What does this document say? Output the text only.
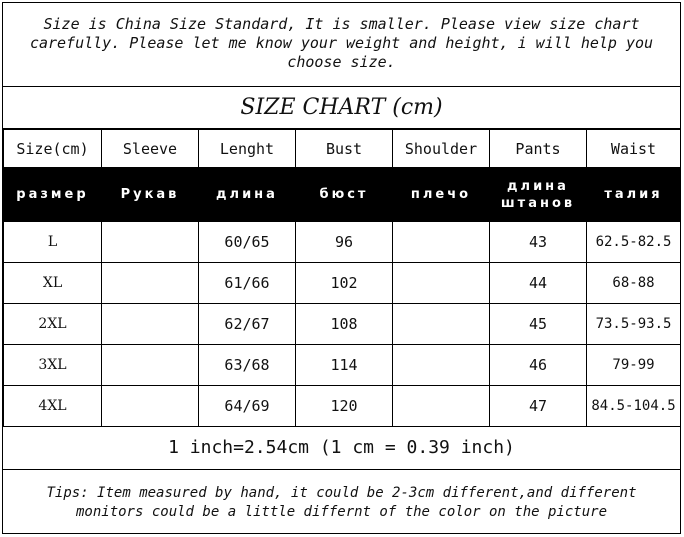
Size is China Size Standard, It is smaller. Please view size chart carefully. Please let me know your weight and height, i will help you choose size.
SIZE CHART (cm)
Size(cm)	Sleeve	Lenght	Bust	Shoulder	Pants	Waist
размер	Рукав	длина	бюст	плечо	длина штанов	талия
L		60/65	96		43	62.5-82.5
XL		61/66	102		44	68-88
2XL		62/67	108		45	73.5-93.5
3XL		63/68	114		46	79-99
4XL		64/69	120		47	84.5-104.5
1 inch=2.54cm (1 cm = 0.39 inch)
Tips: Item measured by hand, it could be 2-3cm different,and different monitors could be a little differnt of the color on the picture
